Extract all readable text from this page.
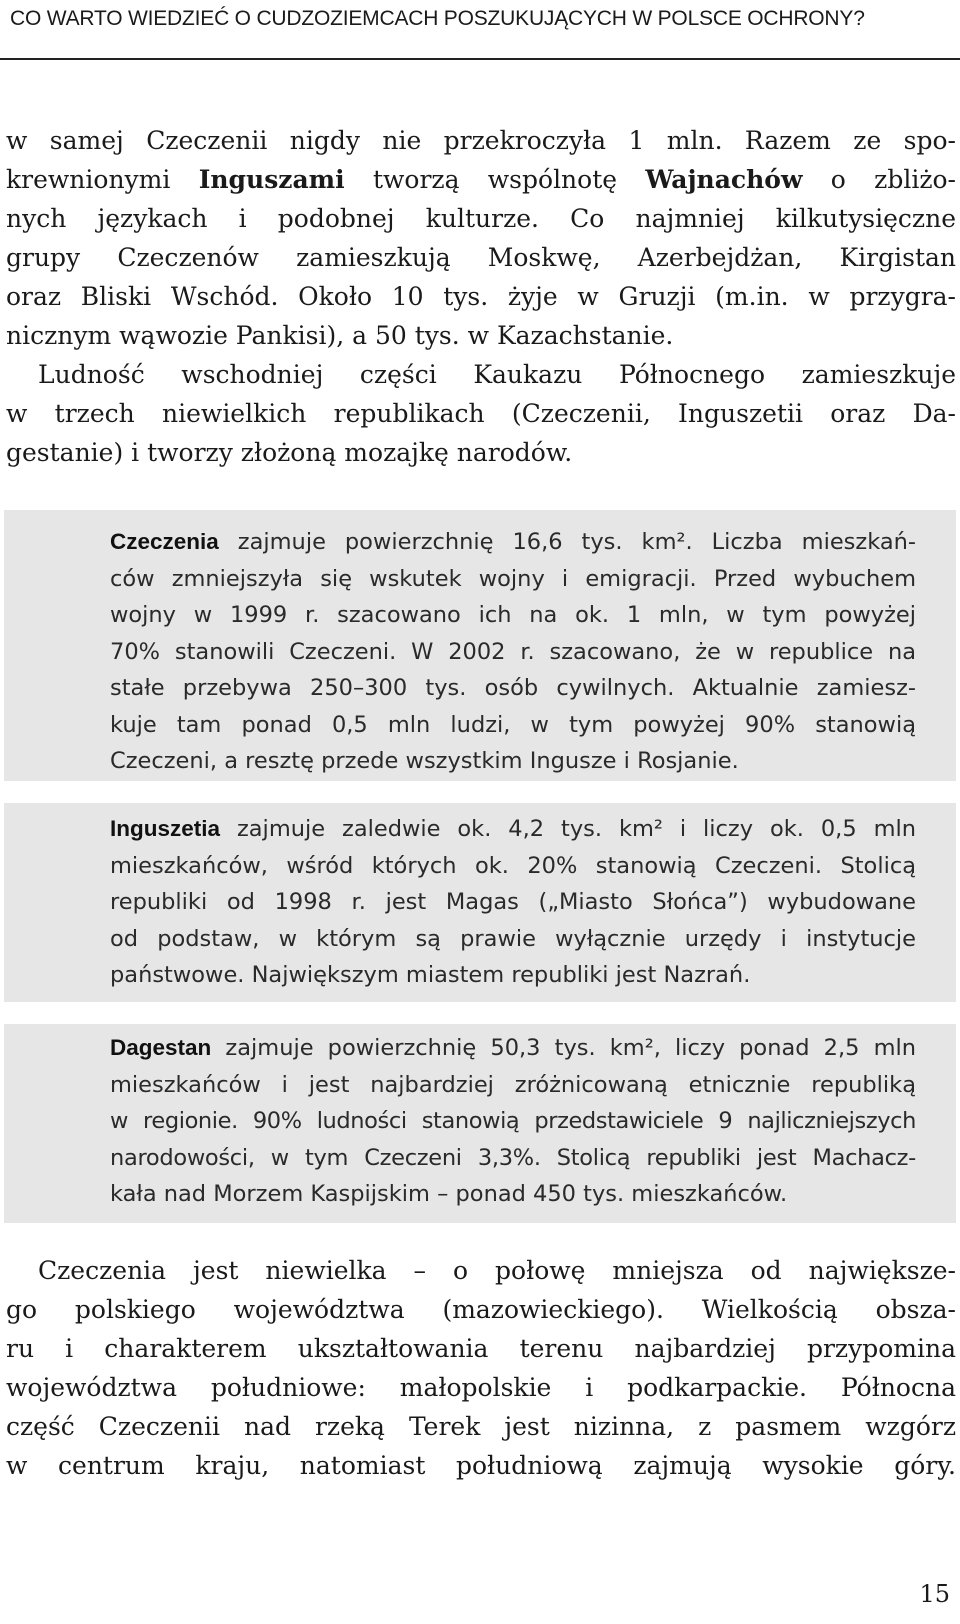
CO WARTO WIEDZIEĆ O CUDZOZIEMCACH POSZUKUJĄCYCH W POLSCE OCHRONY?
w samej Czeczenii nigdy nie przekroczyła 1 mln. Razem ze spo-
krewnionymi Inguszami tworzą wspólnotę Wajnachów o zbliżo-
nych językach i podobnej kulturze. Co najmniej kilkutysięczne
grupy Czeczenów zamieszkują Moskwę, Azerbejdżan, Kirgistan
oraz Bliski Wschód. Około 10 tys. żyje w Gruzji (m.in. w przygra-
nicznym wąwozie Pankisi), a 50 tys. w Kazachstanie.
Ludność wschodniej części Kaukazu Północnego zamieszkuje
w trzech niewielkich republikach (Czeczenii, Inguszetii oraz Da-
gestanie) i tworzy złożoną mozajkę narodów.
Czeczenia zajmuje powierzchnię 16,6 tys. km². Liczba mieszkań-
ców zmniejszyła się wskutek wojny i emigracji. Przed wybuchem
wojny w 1999 r. szacowano ich na ok. 1 mln, w tym powyżej
70% stanowili Czeczeni. W 2002 r. szacowano, że w republice na
stałe przebywa 250–300 tys. osób cywilnych. Aktualnie zamiesz-
kuje tam ponad 0,5 mln ludzi, w tym powyżej 90% stanowią
Czeczeni, a resztę przede wszystkim Ingusze i Rosjanie.
Inguszetia zajmuje zaledwie ok. 4,2 tys. km² i liczy ok. 0,5 mln
mieszkańców, wśród których ok. 20% stanowią Czeczeni. Stolicą
republiki od 1998 r. jest Magas („Miasto Słońca”) wybudowane
od podstaw, w którym są prawie wyłącznie urzędy i instytucje
państwowe. Największym miastem republiki jest Nazrań.
Dagestan zajmuje powierzchnię 50,3 tys. km², liczy ponad 2,5 mln
mieszkańców i jest najbardziej zróżnicowaną etnicznie republiką
w regionie. 90% ludności stanowią przedstawiciele 9 najliczniejszych
narodowości, w tym Czeczeni 3,3%. Stolicą republiki jest Machacz-
kała nad Morzem Kaspijskim – ponad 450 tys. mieszkańców.
Czeczenia jest niewielka – o połowę mniejsza od największe-
go polskiego województwa (mazowieckiego). Wielkością obsza-
ru i charakterem ukształtowania terenu najbardziej przypomina
województwa południowe: małopolskie i podkarpackie. Północna
część Czeczenii nad rzeką Terek jest nizinna, z pasmem wzgórz
w centrum kraju, natomiast południową zajmują wysokie góry.
15
